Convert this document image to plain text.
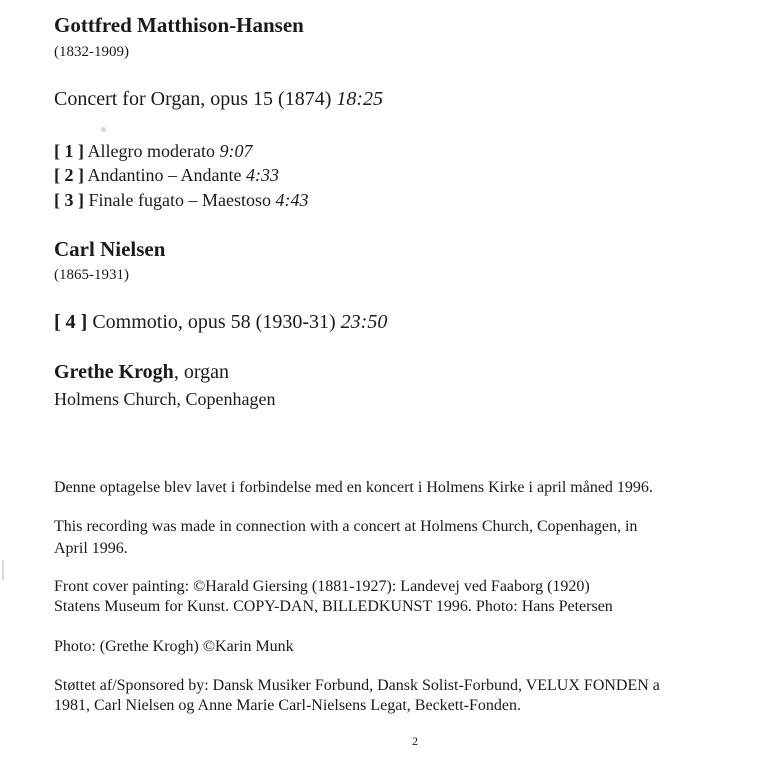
Gottfred Matthison-Hansen
(1832-1909)
Concert for Organ, opus 15 (1874) 18:25
[ 1 ] Allegro moderato 9:07
[ 2 ] Andantino – Andante 4:33
[ 3 ] Finale fugato – Maestoso 4:43
Carl Nielsen
(1865-1931)
[ 4 ] Commotio, opus 58 (1930-31) 23:50
Grethe Krogh, organ
Holmens Church, Copenhagen
Denne optagelse blev lavet i forbindelse med en koncert i Holmens Kirke i april måned 1996.
This recording was made in connection with a concert at Holmens Church, Copenhagen, in
April 1996.
Front cover painting: ©Harald Giersing (1881-1927): Landevej ved Faaborg (1920)
Statens Museum for Kunst. COPY-DAN, BILLEDKUNST 1996. Photo: Hans Petersen
Photo: (Grethe Krogh) ©Karin Munk
Støttet af/Sponsored by: Dansk Musiker Forbund, Dansk Solist-Forbund, VELUX FONDEN a
1981, Carl Nielsen og Anne Marie Carl-Nielsens Legat, Beckett-Fonden.
2
